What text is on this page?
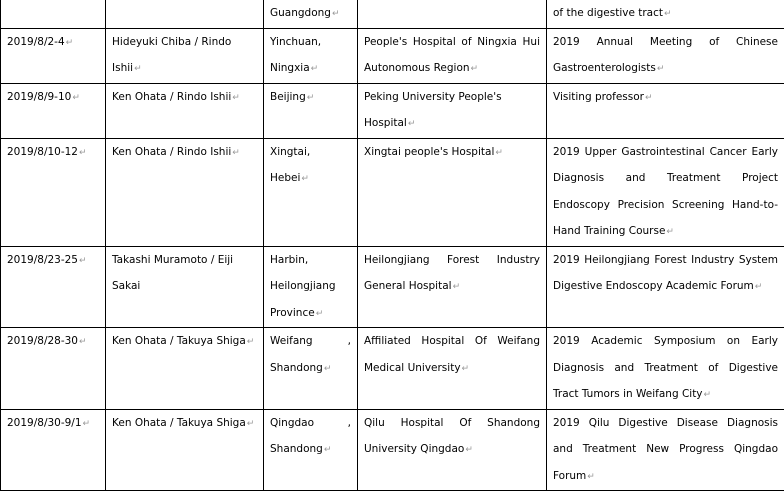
		Guangdong↵		of the digestive tract↵
2019/8/2-4↵	Hideyuki Chiba / Rindo Ishii↵	Yinchuan, Ningxia↵	People's Hospital of Ningxia Hui Autonomous Region↵	2019 Annual Meeting of Chinese Gastroenterologists↵
2019/8/9-10↵	Ken Ohata / Rindo Ishii↵	Beijing↵	Peking University People's Hospital↵	Visiting professor↵
2019/8/10-12↵	Ken Ohata / Rindo Ishii↵	Xingtai, Hebei↵	Xingtai people's Hospital↵	2019 Upper Gastrointestinal Cancer Early Diagnosis and Treatment Project Endoscopy Precision Screening Hand-to-Hand Training Course↵
2019/8/23-25↵	Takashi Muramoto / Eiji Sakai	Harbin, Heilongjiang Province↵	Heilongjiang Forest Industry General Hospital↵	2019 Heilongjiang Forest Industry System Digestive Endoscopy Academic Forum↵
2019/8/28-30↵	Ken Ohata / Takuya Shiga↵	Weifang , Shandong↵	Affiliated Hospital Of Weifang Medical University↵	2019 Academic Symposium on Early Diagnosis and Treatment of Digestive Tract Tumors in Weifang City↵
2019/8/30-9/1↵	Ken Ohata / Takuya Shiga↵	Qingdao , Shandong↵	Qilu Hospital Of Shandong University Qingdao↵	2019 Qilu Digestive Disease Diagnosis and Treatment New Progress Qingdao Forum↵
